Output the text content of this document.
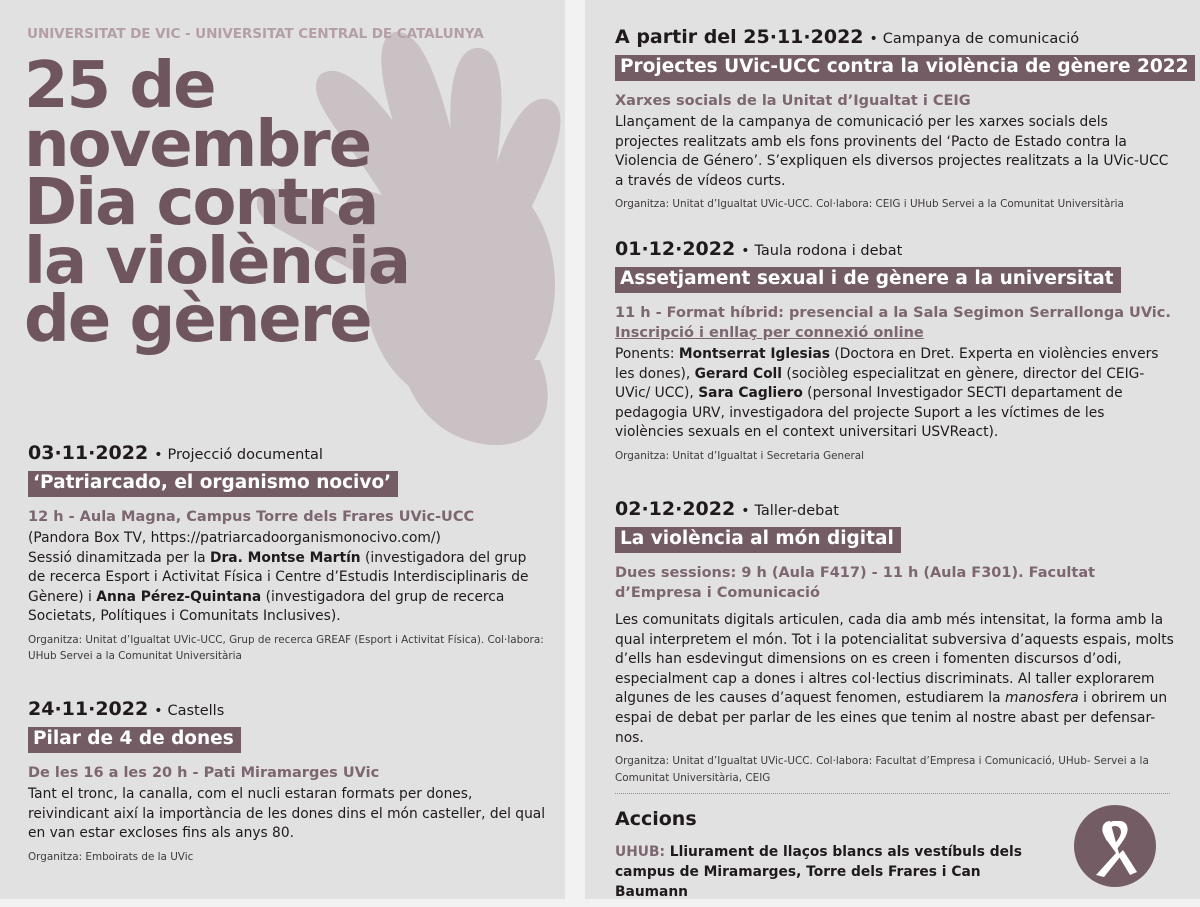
UNIVERSITAT DE VIC - UNIVERSITAT CENTRAL DE CATALUNYA
25 de
novembre
Dia contra
la violència
de gènere
03·11·2022 • Projecció documental
‘Patriarcado, el organismo nocivo’
12 h - Aula Magna, Campus Torre dels Frares UVic-UCC
(Pandora Box TV, https://patriarcadoorganismonocivo.com/)
Sessió dinamitzada per la Dra. Montse Martín (investigadora del grup de recerca Esport i Activitat Física i Centre d’Estudis Interdisciplinaris de Gènere) i Anna Pérez-Quintana (investigadora del grup de recerca Societats, Polítiques i Comunitats Inclusives).
Organitza: Unitat d’Igualtat UVic-UCC, Grup de recerca GREAF (Esport i Activitat Física). Col·labora: UHub Servei a la Comunitat Universitària
24·11·2022 • Castells
Pilar de 4 de dones
De les 16 a les 20 h - Pati Miramarges UVic
Tant el tronc, la canalla, com el nucli estaran formats per dones, reivindicant així la importància de les dones dins el món casteller, del qual en van estar excloses fins als anys 80.
Organitza: Emboirats de la UVic
A partir del 25·11·2022 • Campanya de comunicació
Projectes UVic-UCC contra la violència de gènere 2022
Xarxes socials de la Unitat d’Igualtat i CEIG
Llançament de la campanya de comunicació per les xarxes socials dels projectes realitzats amb els fons provinents del ‘Pacto de Estado contra la Violencia de Género’. S’expliquen els diversos projectes realitzats a la UVic-UCC a través de vídeos curts.
Organitza: Unitat d’Igualtat UVic-UCC. Col·labora: CEIG i UHub Servei a la Comunitat Universitària
01·12·2022 • Taula rodona i debat
Assetjament sexual i de gènere a la universitat
11 h - Format híbrid: presencial a la Sala Segimon Serrallonga UVic.
Inscripció i enllaç per connexió online
Ponents: Montserrat Iglesias (Doctora en Dret. Experta en violències envers les dones), Gerard Coll (sociòleg especialitzat en gènere, director del CEIG-UVic/ UCC), Sara Cagliero (personal Investigador SECTI departament de pedagogia URV, investigadora del projecte Suport a les víctimes de les violències sexuals en el context universitari USVReact).
Organitza: Unitat d’Igualtat i Secretaria General
02·12·2022 • Taller-debat
La violència al món digital
Dues sessions: 9 h (Aula F417) - 11 h (Aula F301). Facultat d’Empresa i Comunicació
Les comunitats digitals articulen, cada dia amb més intensitat, la forma amb la qual interpretem el món. Tot i la potencialitat subversiva d’aquests espais, molts d’ells han esdevingut dimensions on es creen i fomenten discursos d’odi, especialment cap a dones i altres col·lectius discriminats. Al taller explorarem algunes de les causes d’aquest fenomen, estudiarem la manosfera i obrirem un espai de debat per parlar de les eines que tenim al nostre abast per defensar-nos.
Organitza: Unitat d’Igualtat UVic-UCC. Col·labora: Facultat d’Empresa i Comunicació, UHub- Servei a la Comunitat Universitària, CEIG
Accions
UHUB: Lliurament de llaços blancs als vestíbuls dels campus de Miramarges, Torre dels Frares i Can Baumann
